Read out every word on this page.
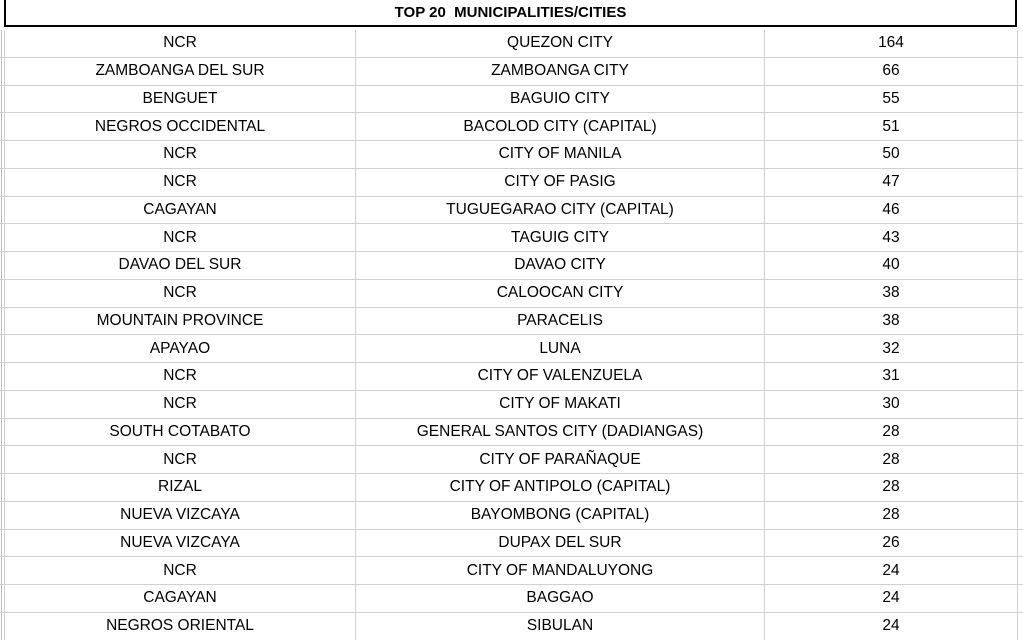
TOP 20  MUNICIPALITIES/CITIES
NCR	QUEZON CITY	164
ZAMBOANGA DEL SUR	ZAMBOANGA CITY	66
BENGUET	BAGUIO CITY	55
NEGROS OCCIDENTAL	BACOLOD CITY (CAPITAL)	51
NCR	CITY OF MANILA	50
NCR	CITY OF PASIG	47
CAGAYAN	TUGUEGARAO CITY (CAPITAL)	46
NCR	TAGUIG CITY	43
DAVAO DEL SUR	DAVAO CITY	40
NCR	CALOOCAN CITY	38
MOUNTAIN PROVINCE	PARACELIS	38
APAYAO	LUNA	32
NCR	CITY OF VALENZUELA	31
NCR	CITY OF MAKATI	30
SOUTH COTABATO	GENERAL SANTOS CITY (DADIANGAS)	28
NCR	CITY OF PARAÑAQUE	28
RIZAL	CITY OF ANTIPOLO (CAPITAL)	28
NUEVA VIZCAYA	BAYOMBONG (CAPITAL)	28
NUEVA VIZCAYA	DUPAX DEL SUR	26
NCR	CITY OF MANDALUYONG	24
CAGAYAN	BAGGAO	24
NEGROS ORIENTAL	SIBULAN	24
